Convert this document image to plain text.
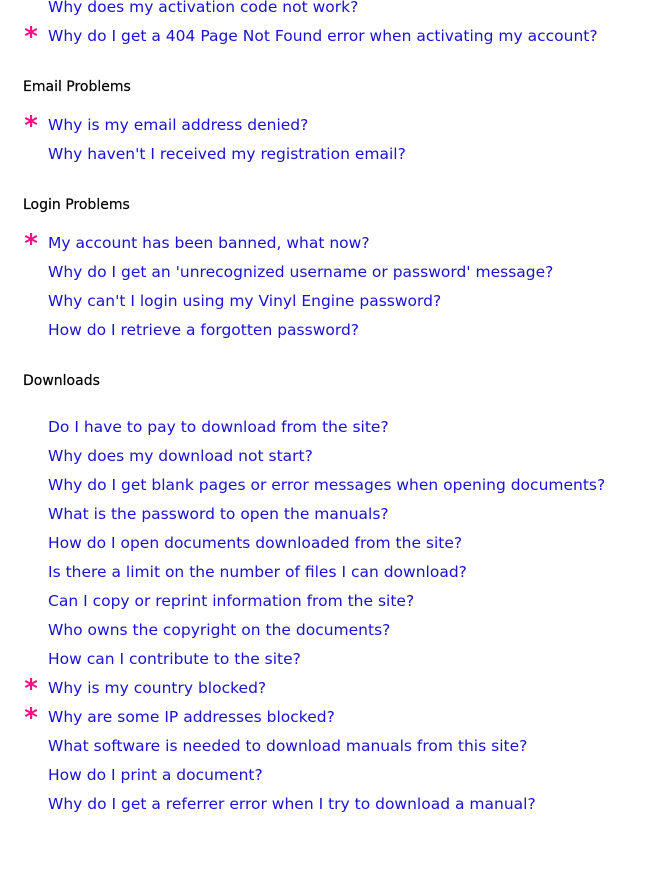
Why does my activation code not work?
* Why do I get a 404 Page Not Found error when activating my account?
Email Problems
* Why is my email address denied?
Why haven't I received my registration email?
Login Problems
* My account has been banned, what now?
Why do I get an 'unrecognized username or password' message?
Why can't I login using my Vinyl Engine password?
How do I retrieve a forgotten password?
Downloads
Do I have to pay to download from the site?
Why does my download not start?
Why do I get blank pages or error messages when opening documents?
What is the password to open the manuals?
How do I open documents downloaded from the site?
Is there a limit on the number of files I can download?
Can I copy or reprint information from the site?
Who owns the copyright on the documents?
How can I contribute to the site?
* Why is my country blocked?
* Why are some IP addresses blocked?
What software is needed to download manuals from this site?
How do I print a document?
Why do I get a referrer error when I try to download a manual?
